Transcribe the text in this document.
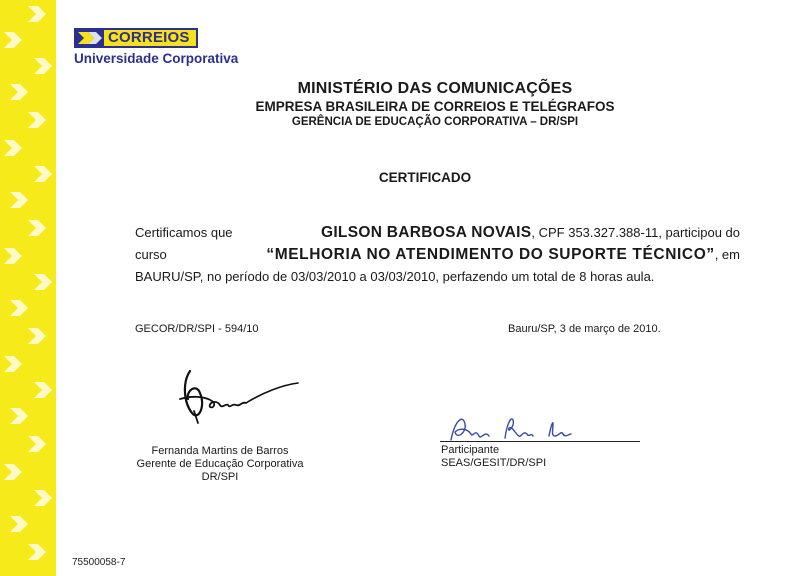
CORREIOS
Universidade Corporativa
MINISTÉRIO DAS COMUNICAÇÕES
EMPRESA BRASILEIRA DE CORREIOS E TELÉGRAFOS
GERÊNCIA DE EDUCAÇÃO CORPORATIVA – DR/SPI
CERTIFICADO
Certificamos que	GILSON BARBOSA NOVAIS, CPF 353.327.388-11, participou do
curso	“MELHORIA NO ATENDIMENTO DO SUPORTE TÉCNICO”, em
BAURU/SP, no período de 03/03/2010 a 03/03/2010, perfazendo um total de 8 horas aula.
GECOR/DR/SPI - 594/10	Bauru/SP, 3 de março de 2010.
Fernanda Martins de Barros
Gerente de Educação Corporativa
DR/SPI
Participante
SEAS/GESIT/DR/SPI
75500058-7
